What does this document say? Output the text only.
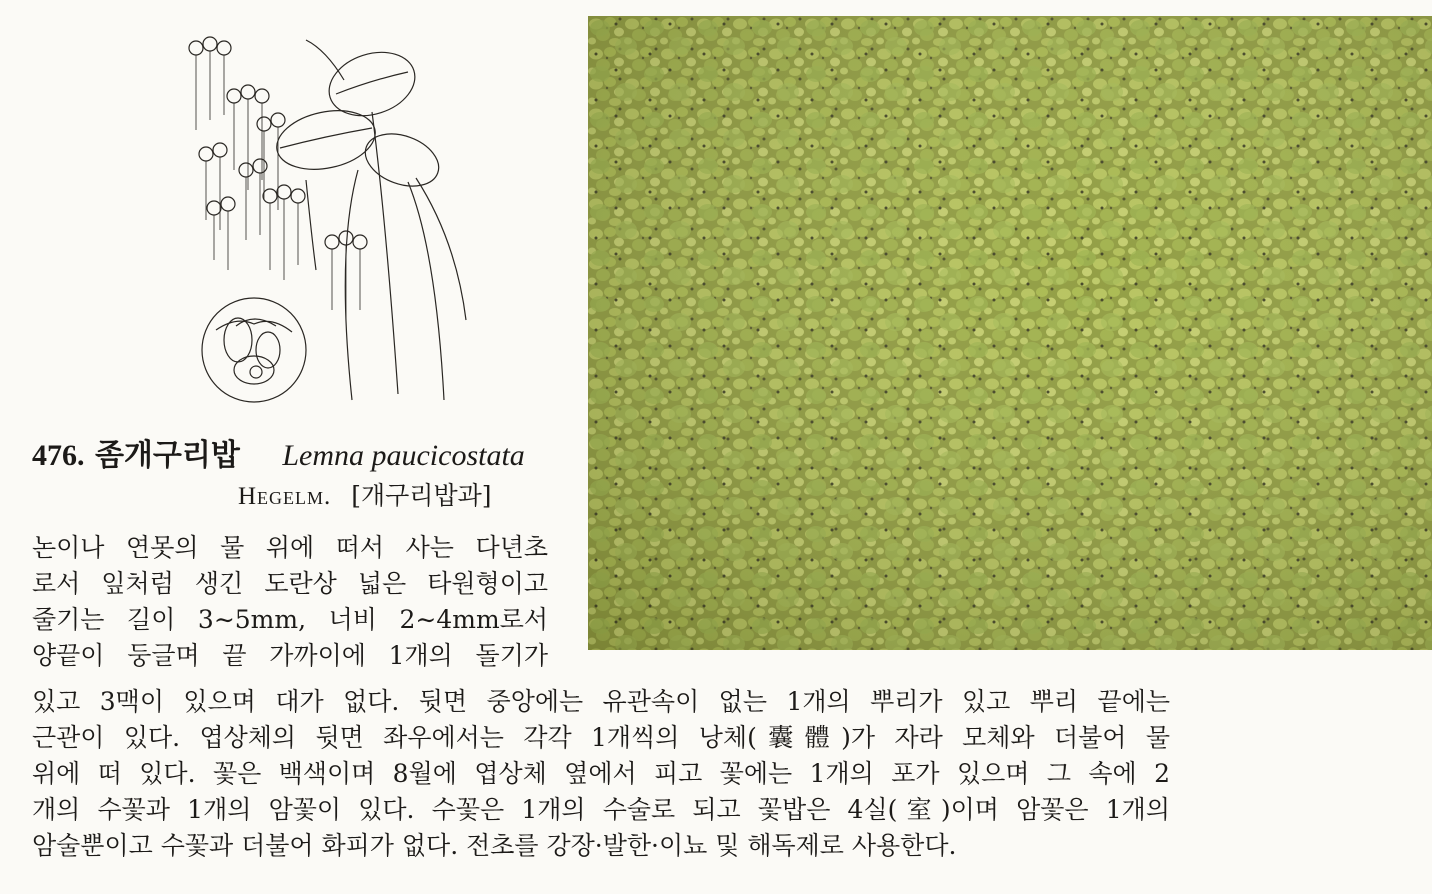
476. 좀개구리밥 Lemna paucicostata
Hegelm. [개구리밥과]
논이나 연못의 물 위에 떠서 사는 다년초
로서 잎처럼 생긴 도란상 넓은 타원형이고
줄기는 길이 3∼5mm, 너비 2∼4mm로서
양끝이 둥글며 끝 가까이에 1개의 돌기가
있고 3맥이 있으며 대가 없다. 뒷면 중앙에는 유관속이 없는 1개의 뿌리가 있고 뿌리 끝에는
근관이 있다. 엽상체의 뒷면 좌우에서는 각각 1개씩의 낭체(囊體)가 자라 모체와 더불어 물
위에 떠 있다. 꽃은 백색이며 8월에 엽상체 옆에서 피고 꽃에는 1개의 포가 있으며 그 속에 2
개의 수꽃과 1개의 암꽃이 있다. 수꽃은 1개의 수술로 되고 꽃밥은 4실(室)이며 암꽃은 1개의
암술뿐이고 수꽃과 더불어 화피가 없다. 전초를 강장·발한·이뇨 및 해독제로 사용한다.
